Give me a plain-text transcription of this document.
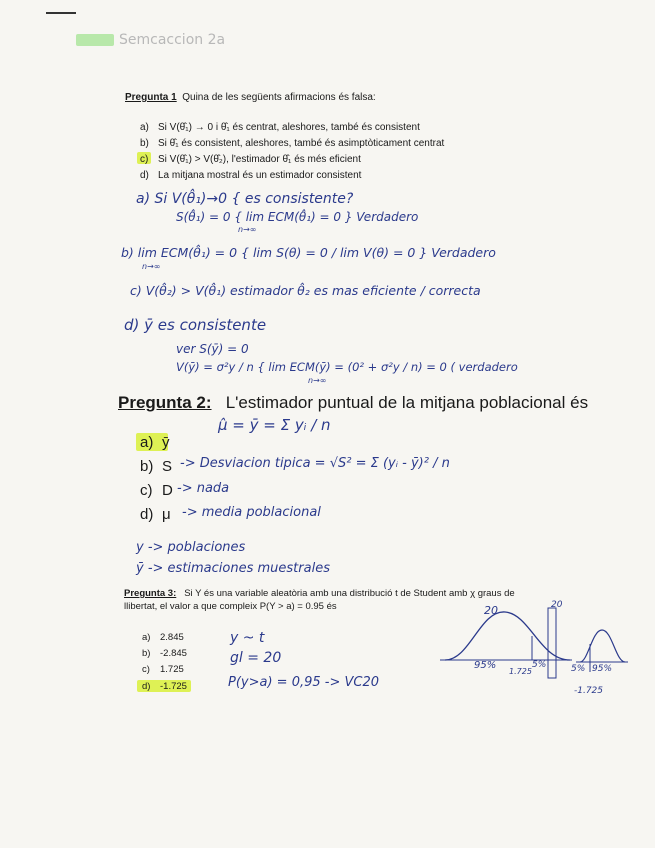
Semcaccion 2a
Pregunta 1 Quina de les següents afirmacions és falsa:
a) Si V(θ̂₁) → 0 i θ̂₁ és centrat, aleshores, també és consistent
b) Si θ̂₁ és consistent, aleshores, també és asimptòticament centrat
c) Si V(θ̂₁) > V(θ̂₂), l'estimador θ̂₁ és més eficient
d) La mitjana mostral és un estimador consistent
a) Si V(θ̂₁)→0 { es consistente?
S(θ̂₁) = 0 { lim ECM(θ̂₁) = 0 } Verdadero
n→∞
b) lim ECM(θ̂₁) = 0 { lim S(θ) = 0 / lim V(θ) = 0 } Verdadero
n→∞
c) V(θ̂₂) > V(θ̂₁) estimador θ̂₂ es mas eficiente / correcta
d) ȳ es consistente
ver S(ȳ) = 0
V(ȳ) = σ²y / n { lim ECM(ȳ) = (0² + σ²y / n) = 0 ( verdadero
n→∞
Pregunta 2: L'estimador puntual de la mitjana poblacional és
a) ȳ
b) S
c) D
d) μ
μ̂ = ȳ = Σ yᵢ / n
-> Desviacion tipica = √S² = Σ (yᵢ - ȳ)² / n
-> nada
-> media poblacional
y -> poblaciones
ȳ -> estimaciones muestrales
Pregunta 3: Si Y és una variable aleatòria amb una distribució t de Student amb χ graus de
llibertat, el valor a que compleix P(Y > a) = 0.95 és
a) 2.845
b) -2.845
c) 1.725
d) -1.725
y ~ t
gl = 20
P(y>a) = 0,95 -> VC20
20
95%
1.725
5%	5% 95%
-1.725
20
